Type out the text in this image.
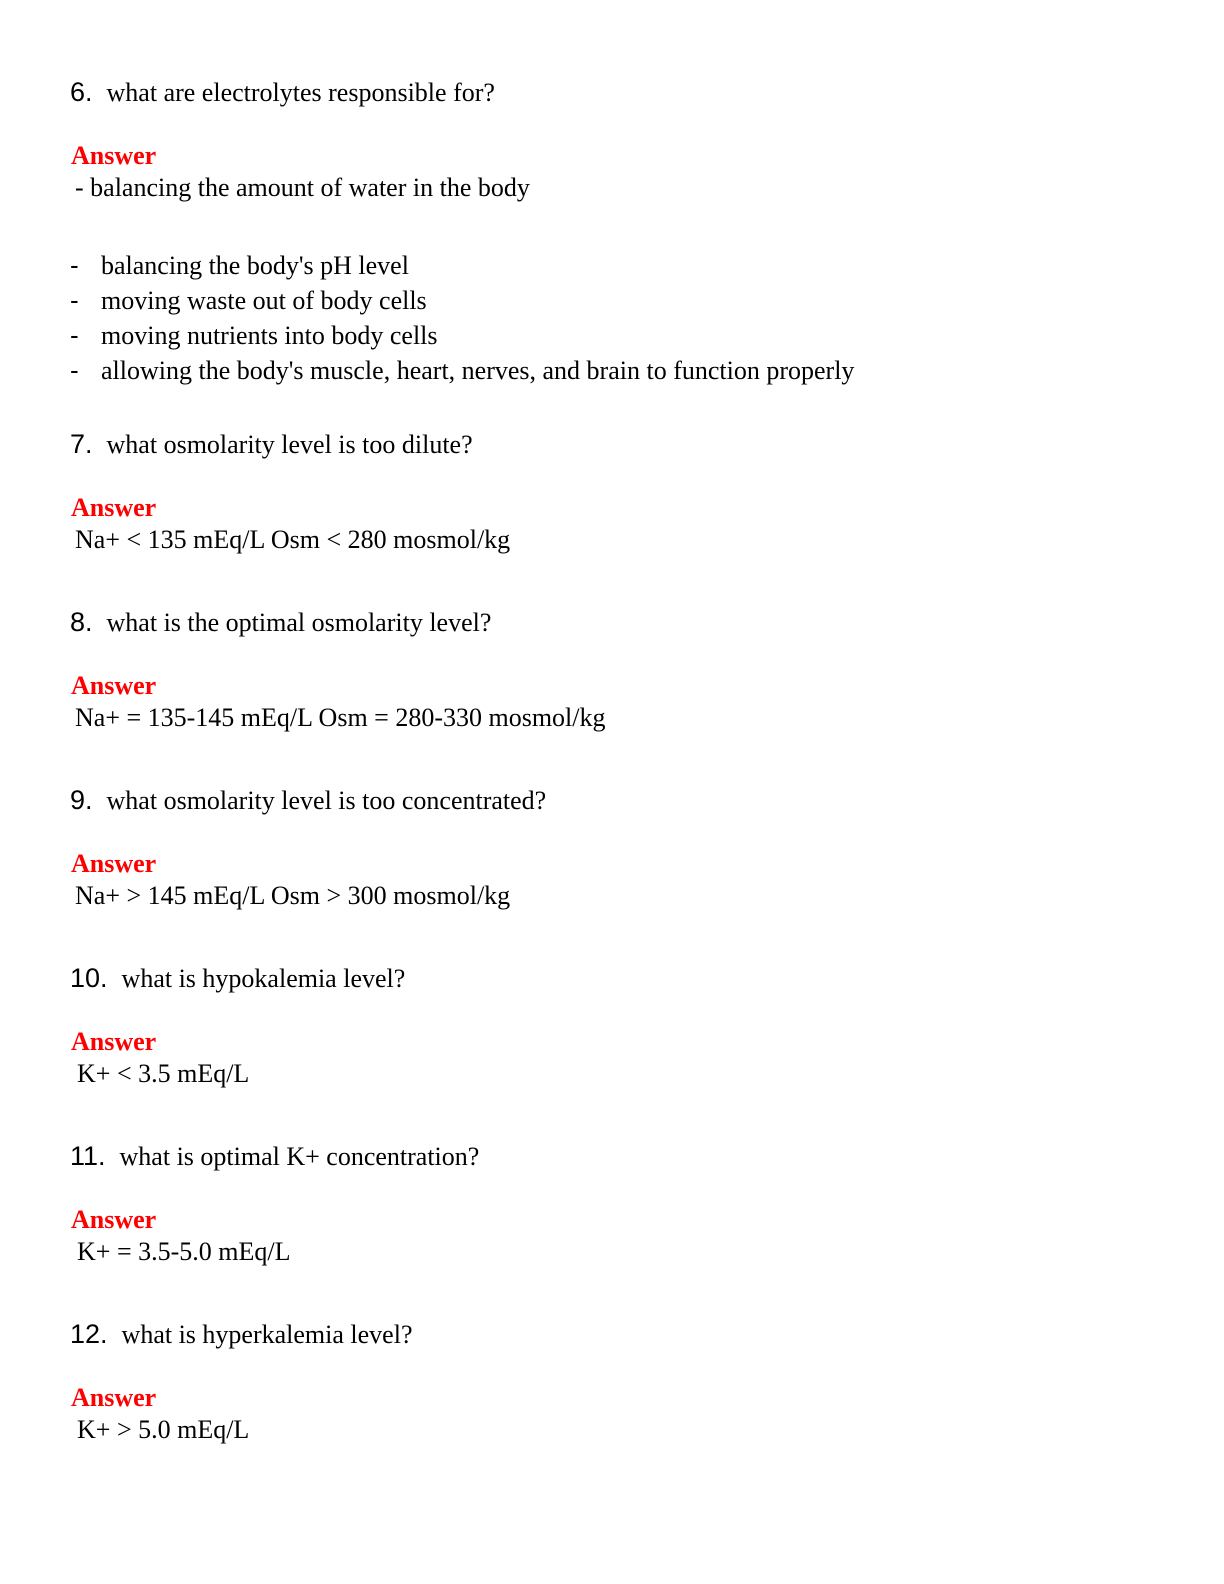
6. what are electrolytes responsible for?
Answer
- balancing the amount of water in the body
- balancing the body's pH level
- moving waste out of body cells
- moving nutrients into body cells
- allowing the body's muscle, heart, nerves, and brain to function properly
7. what osmolarity level is too dilute?
Answer
Na+ < 135 mEq/L Osm < 280 mosmol/kg
8. what is the optimal osmolarity level?
Answer
Na+ = 135-145 mEq/L Osm = 280-330 mosmol/kg
9. what osmolarity level is too concentrated?
Answer
Na+ > 145 mEq/L Osm > 300 mosmol/kg
10. what is hypokalemia level?
Answer
K+ < 3.5 mEq/L
11. what is optimal K+ concentration?
Answer
K+ = 3.5-5.0 mEq/L
12. what is hyperkalemia level?
Answer
K+ > 5.0 mEq/L
